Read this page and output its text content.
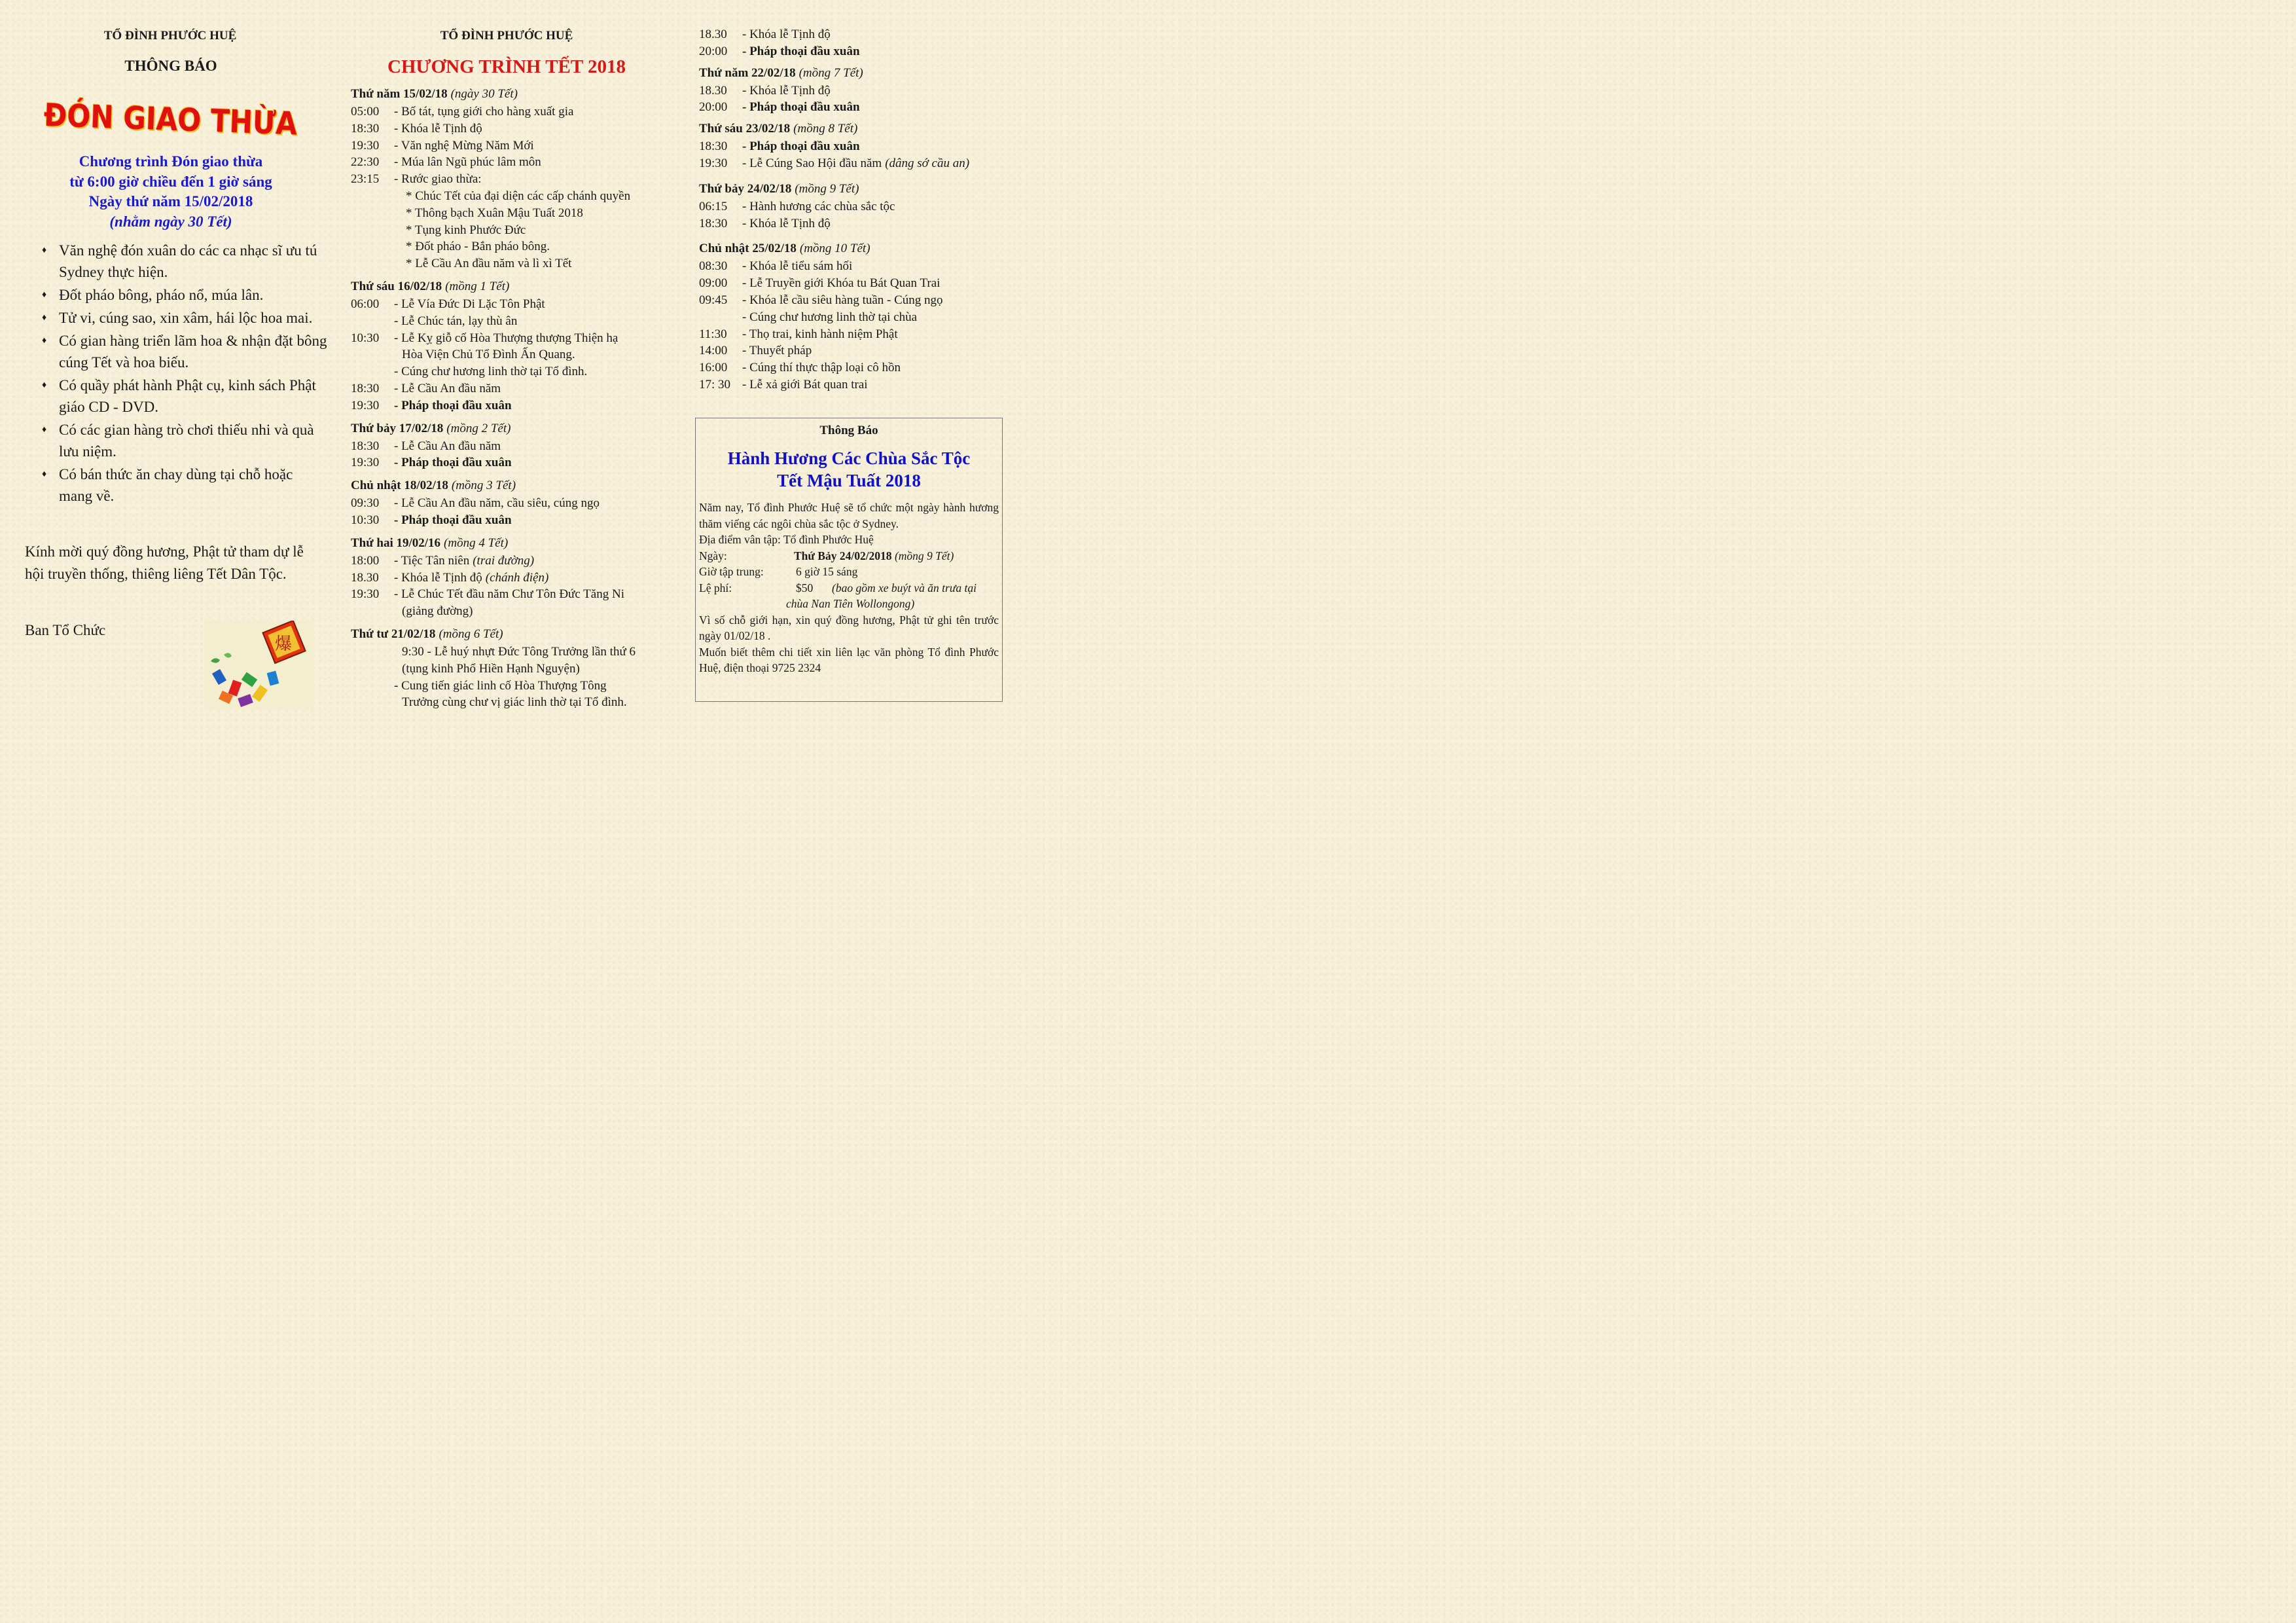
TỔ ĐÌNH PHƯỚC HUỆ
THÔNG BÁO
ĐÓN GIAO THỪA
Chương trình Đón giao thừa
từ 6:00 giờ chiều đến 1 giờ sáng
Ngày thứ năm 15/02/2018
(nhằm ngày 30 Tết)
♦ Văn nghệ đón xuân do các ca nhạc sĩ ưu tú Sydney thực hiện.
♦ Đốt pháo bông, pháo nổ, múa lân.
♦ Tử vi, cúng sao, xin xâm, hái lộc hoa mai.
♦ Có gian hàng triển lãm hoa & nhận đặt bông cúng Tết và hoa biếu.
♦ Có quầy phát hành Phật cụ, kinh sách Phật giáo CD - DVD.
♦ Có các gian hàng trò chơi thiếu nhi và quà lưu niệm.
♦ Có bán thức ăn chay dùng tại chỗ hoặc mang về.
Kính mời quý đồng hương, Phật tử tham dự lễ hội truyền thống, thiêng liêng Tết Dân Tộc.
Ban Tổ Chức
爆
TỔ ĐÌNH PHƯỚC HUỆ
CHƯƠNG TRÌNH TẾT 2018
Thứ năm 15/02/18 (ngày 30 Tết)
05:00 - Bố tát, tụng giới cho hàng xuất gia
18:30 - Khóa lễ Tịnh độ
19:30 - Văn nghệ Mừng Năm Mới
22:30 - Múa lân Ngũ phúc lâm môn
23:15 - Rước giao thừa:
* Chúc Tết của đại diện các cấp chánh quyền
* Thông bạch Xuân Mậu Tuất 2018
* Tụng kinh Phước Đức
* Đốt pháo - Bắn pháo bông.
* Lễ Cầu An đầu năm và lì xì Tết
Thứ sáu 16/02/18 (mồng 1 Tết)
06:00 - Lễ Vía Đức Di Lặc Tôn Phật
- Lễ Chúc tán, lạy thù ân
10:30 - Lễ Kỵ giỗ cố Hòa Thượng thượng Thiện hạ
Hòa Viện Chủ Tổ Đình Ấn Quang.
- Cúng chư hương linh thờ tại Tổ đình.
18:30 - Lễ Cầu An đầu năm
19:30 - Pháp thoại đầu xuân
Thứ bảy 17/02/18 (mồng 2 Tết)
18:30 - Lễ Cầu An đầu năm
19:30 - Pháp thoại đầu xuân
Chủ nhật 18/02/18 (mồng 3 Tết)
09:30 - Lễ Cầu An đầu năm, cầu siêu, cúng ngọ
10:30 - Pháp thoại đầu xuân
Thứ hai 19/02/16 (mồng 4 Tết)
18:00 - Tiệc Tân niên (trai đường)
18.30 - Khóa lễ Tịnh độ (chánh điện)
19:30 - Lễ Chúc Tết đầu năm Chư Tôn Đức Tăng Ni
(giảng đường)
Thứ tư 21/02/18 (mồng 6 Tết)
9:30 - Lễ huý nhựt Đức Tông Trưởng lần thứ 6
(tụng kinh Phổ Hiền Hạnh Nguyện)
- Cung tiến giác linh cố Hòa Thượng Tông
Trưởng cùng chư vị giác linh thờ tại Tổ đình.
18.30 - Khóa lễ Tịnh độ
20:00 - Pháp thoại đầu xuân
Thứ năm 22/02/18 (mồng 7 Tết)
18.30 - Khóa lễ Tịnh độ
20:00 - Pháp thoại đầu xuân
Thứ sáu 23/02/18 (mồng 8 Tết)
18:30 - Pháp thoại đầu xuân
19:30 - Lễ Cúng Sao Hội đầu năm (dâng sớ cầu an)
Thứ bảy 24/02/18 (mồng 9 Tết)
06:15 - Hành hương các chùa sắc tộc
18:30 - Khóa lễ Tịnh độ
Chủ nhật 25/02/18 (mồng 10 Tết)
08:30 - Khóa lễ tiểu sám hối
09:00 - Lễ Truyền giới Khóa tu Bát Quan Trai
09:45 - Khóa lễ cầu siêu hàng tuần - Cúng ngọ
- Cúng chư hương linh thờ tại chùa
11:30 - Thọ trai, kinh hành niệm Phật
14:00 - Thuyết pháp
16:00 - Cúng thí thực thập loại cô hồn
17: 30 - Lễ xả giới Bát quan trai
Thông Báo
Hành Hương Các Chùa Sắc Tộc
Tết Mậu Tuất 2018
Năm nay, Tổ đình Phước Huệ sẽ tổ chức một ngày hành hương thăm viếng các ngôi chùa sắc tộc ở Sydney.
Địa điểm vân tập: Tổ đình Phước Huệ
Ngày:	Thứ Bảy 24/02/2018 (mồng 9 Tết)
Giờ tập trung:	6 giờ 15 sáng
Lệ phí:	$50 (bao gồm xe buýt và ăn trưa tại
chùa Nan Tiên Wollongong)
Vì số chỗ giới hạn, xin quý đồng hương, Phật tử ghi tên trước ngày 01/02/18 .
Muốn biết thêm chi tiết xin liên lạc văn phòng Tổ đình Phước Huệ, điện thoại 9725 2324
